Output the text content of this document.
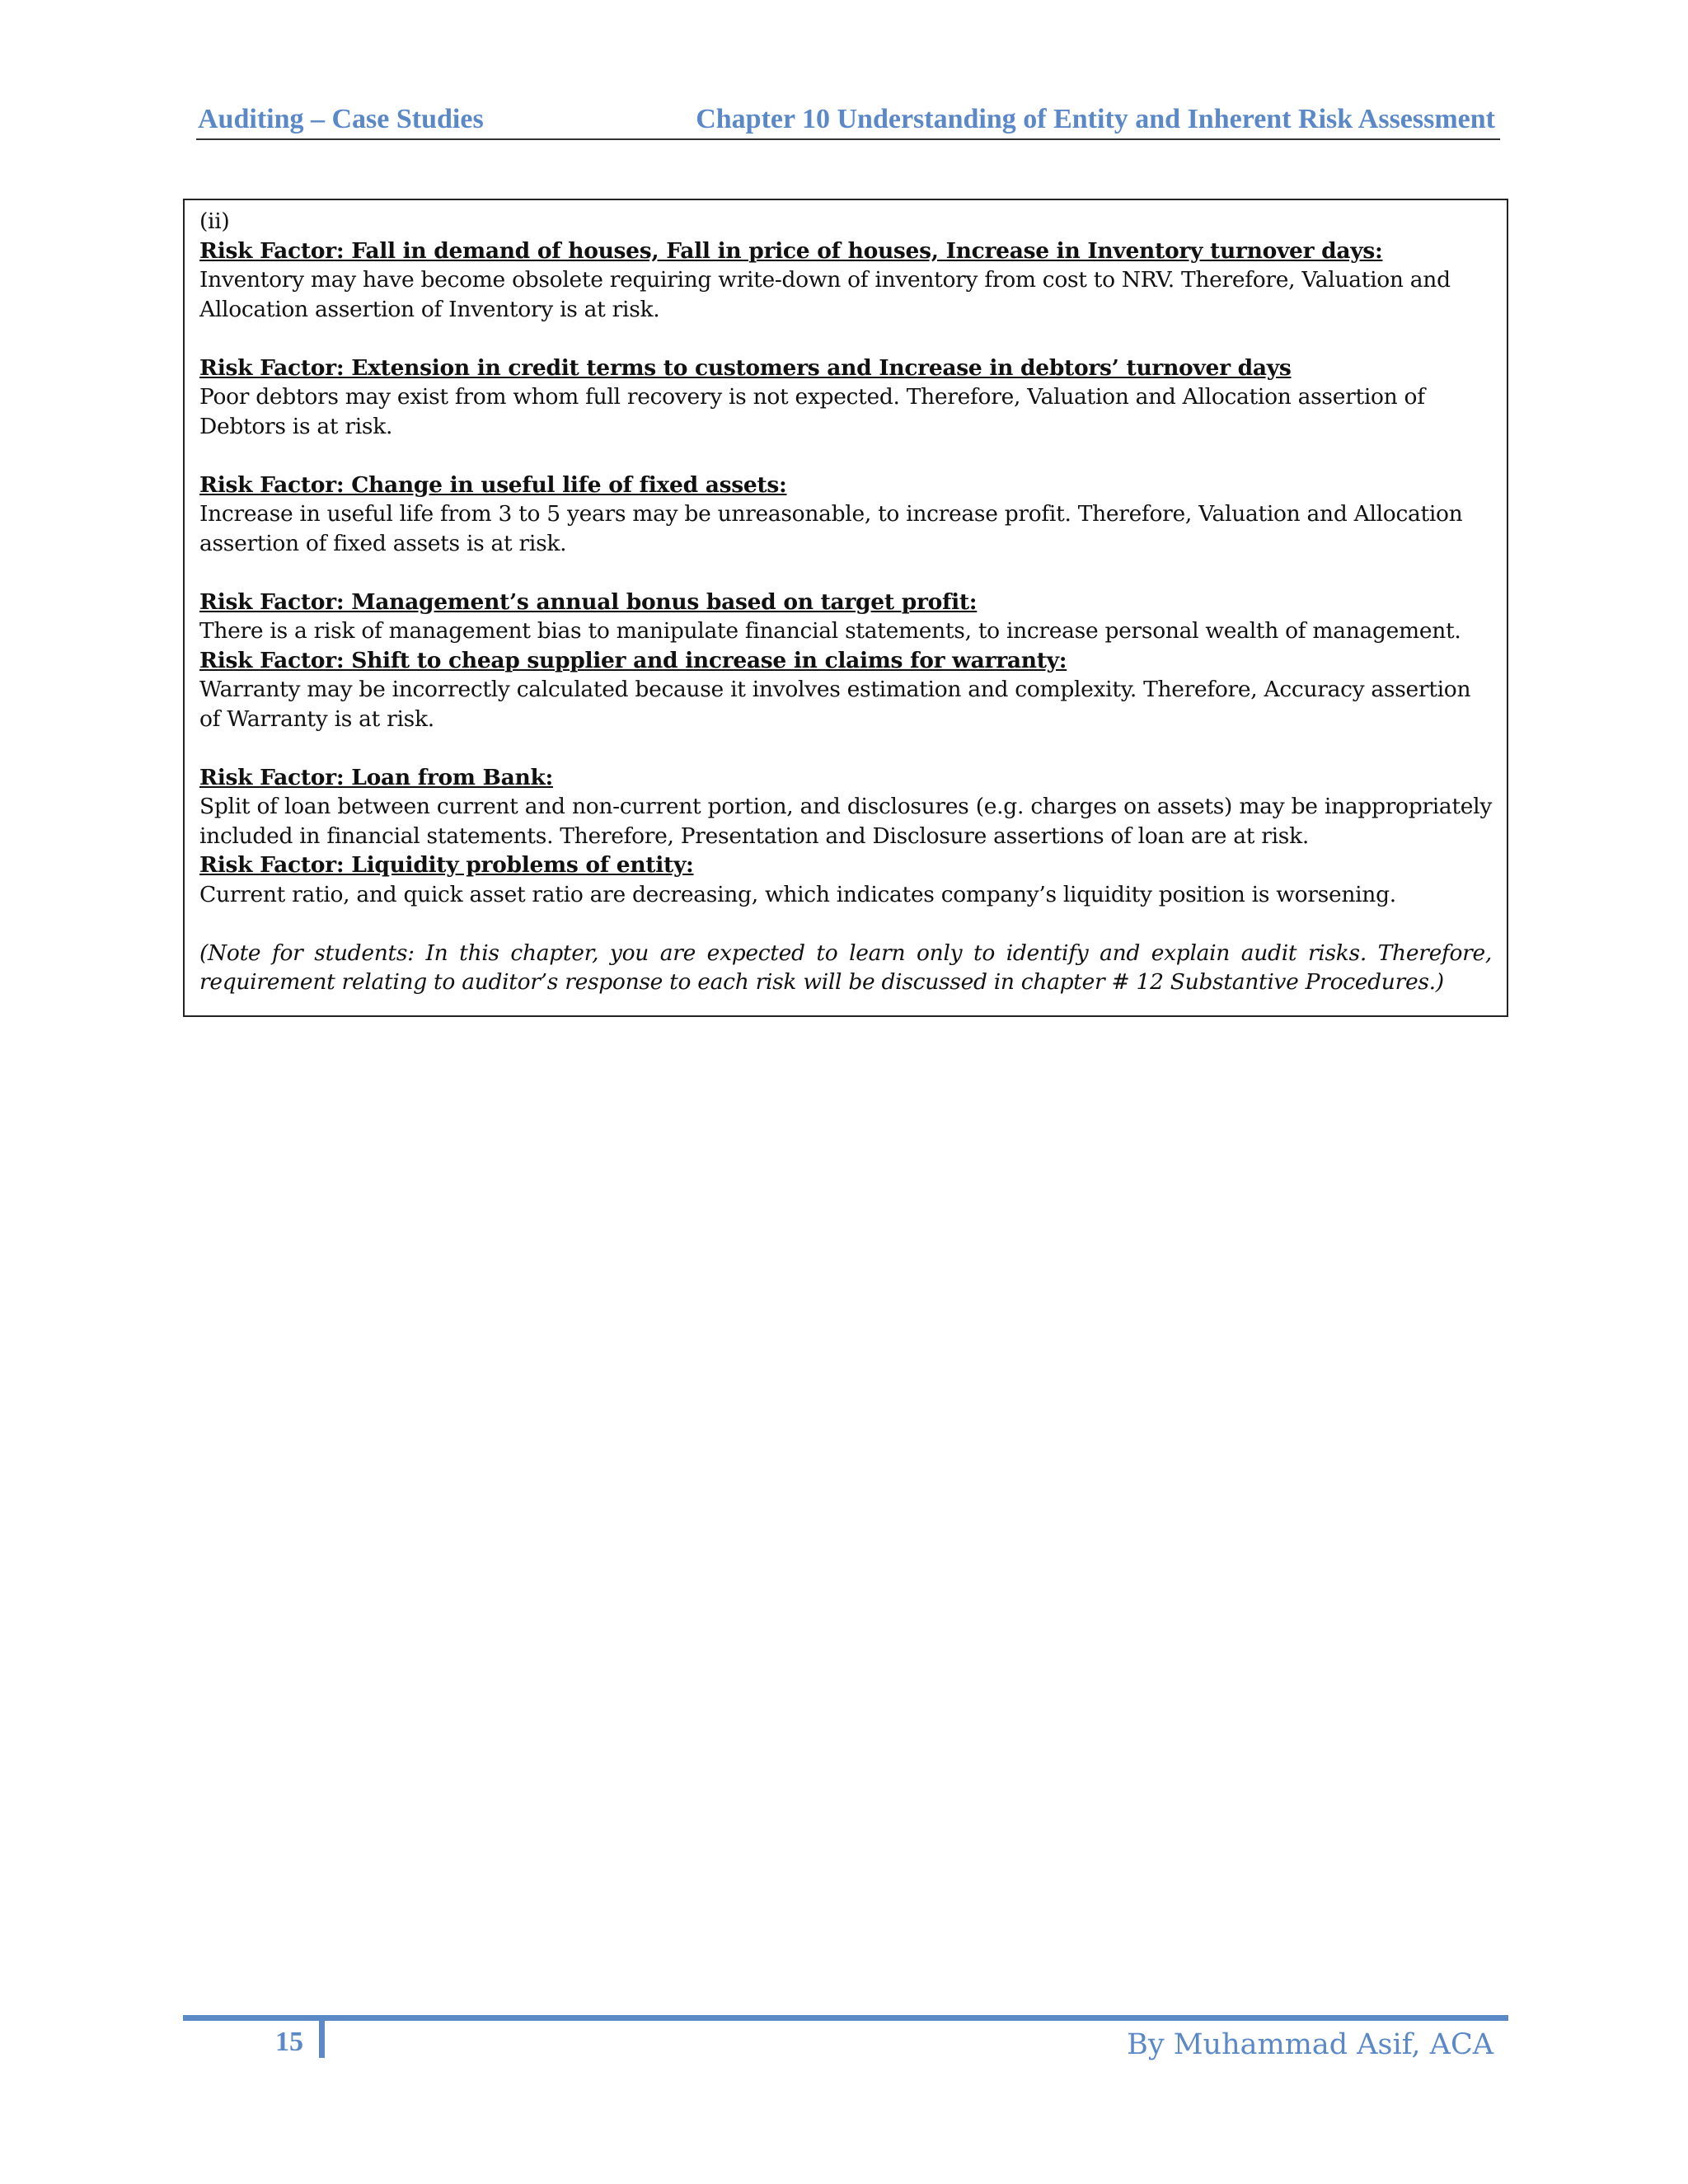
Auditing – Case Studies	Chapter 10 Understanding of Entity and Inherent Risk Assessment
(ii)
Risk Factor: Fall in demand of houses, Fall in price of houses, Increase in Inventory turnover days:
Inventory may have become obsolete requiring write-down of inventory from cost to NRV. Therefore, Valuation and Allocation assertion of Inventory is at risk.
Risk Factor: Extension in credit terms to customers and Increase in debtors’ turnover days
Poor debtors may exist from whom full recovery is not expected. Therefore, Valuation and Allocation assertion of Debtors is at risk.
Risk Factor: Change in useful life of fixed assets:
Increase in useful life from 3 to 5 years may be unreasonable, to increase profit. Therefore, Valuation and Allocation assertion of fixed assets is at risk.
Risk Factor: Management’s annual bonus based on target profit:
There is a risk of management bias to manipulate financial statements, to increase personal wealth of management.
Risk Factor: Shift to cheap supplier and increase in claims for warranty:
Warranty may be incorrectly calculated because it involves estimation and complexity. Therefore, Accuracy assertion of Warranty is at risk.
Risk Factor: Loan from Bank:
Split of loan between current and non-current portion, and disclosures (e.g. charges on assets) may be inappropriately included in financial statements. Therefore, Presentation and Disclosure assertions of loan are at risk.
Risk Factor: Liquidity problems of entity:
Current ratio, and quick asset ratio are decreasing, which indicates company’s liquidity position is worsening.
(Note for students: In this chapter, you are expected to learn only to identify and explain audit risks. Therefore, requirement relating to auditor’s response to each risk will be discussed in chapter # 12 Substantive Procedures.)
15	By Muhammad Asif, ACA
